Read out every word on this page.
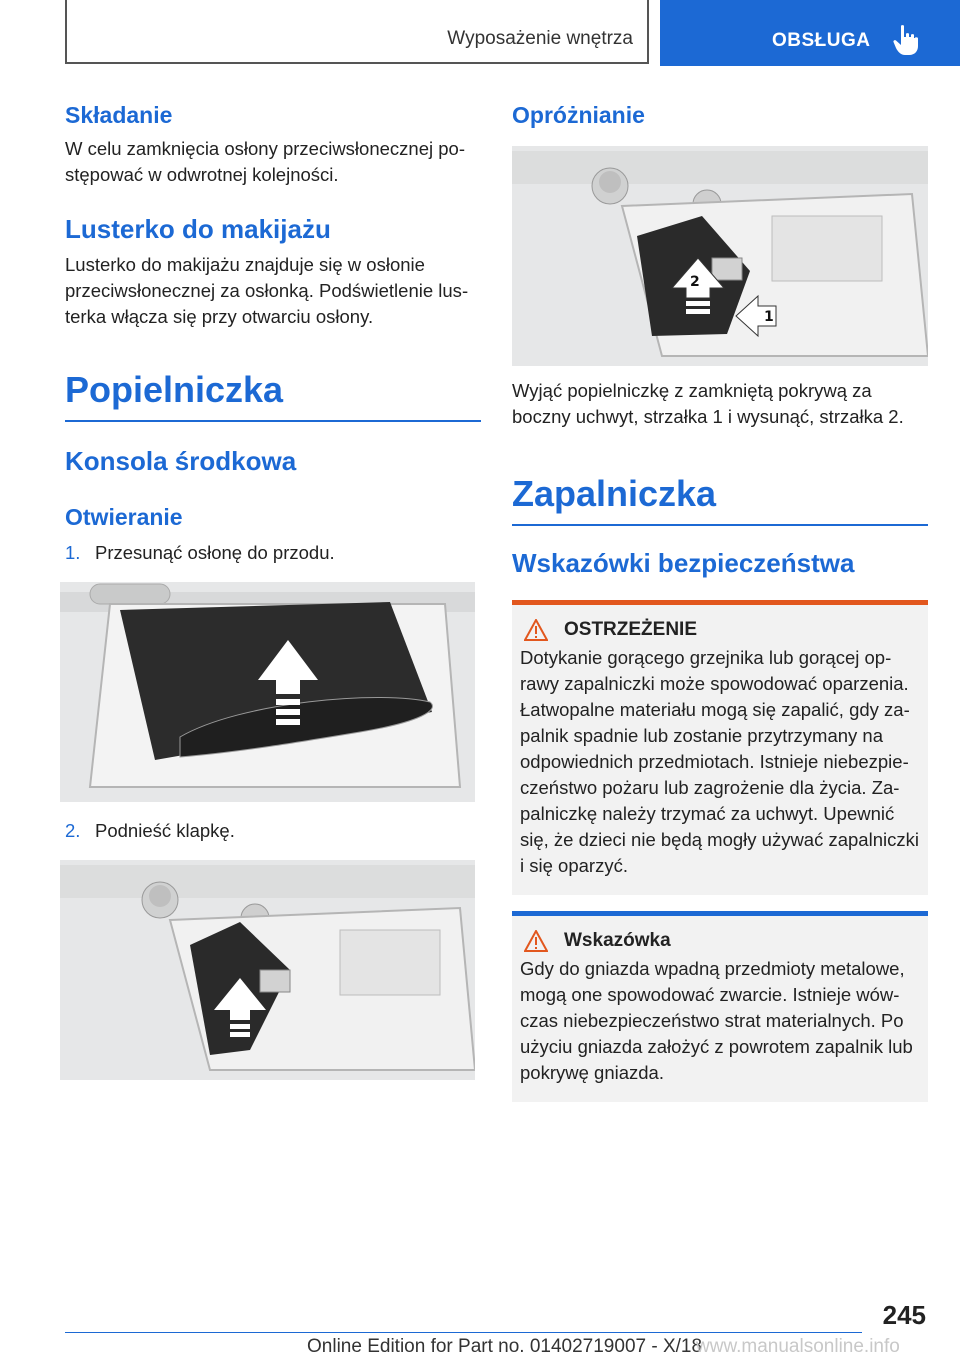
Wyposażenie wnętrza	OBSŁUGA
Składanie

W celu zamknięcia osłony przeciwsłonecznej postępować w odwrotnej kolejności.

Lusterko do makijażu

Lusterko do makijażu znajduje się w osłonie przeciwsłonecznej za osłonką. Podświetlenie lusterka włącza się przy otwarciu osłony.

Popielniczka
Konsola środkowa
Otwieranie
1. Przesunąć osłonę do przodu.
2. Podnieść klapkę.
Opróżnianie
1
2

Wyjąć popielniczkę z zamkniętą pokrywą za boczny uchwyt, strzałka 1 i wysunąć, strzałka 2.

Zapalniczka
Wskazówki bezpieczeństwa
OSTRZEŻENIE

Dotykanie gorącego grzejnika lub gorącej oprawy zapalniczki może spowodować oparzenia. Łatwopalne materiału mogą się zapalić, gdy zapalnik spadnie lub zostanie przytrzymany na odpowiednich przedmiotach. Istnieje niebezpieczeństwo pożaru lub zagrożenie dla życia. Zapalniczkę należy trzymać za uchwyt. Upewnić się, że dzieci nie będą mogły używać zapalniczki i się oparzyć.

Wskazówka

Gdy do gniazda wpadną przedmioty metalowe, mogą one spowodować zwarcie. Istnieje wówczas niebezpieczeństwo strat materialnych. Po użyciu gniazda założyć z powrotem zapalnik lub pokrywę gniazda.

245
Online Edition for Part no. 01402719007 - X/18
www.manualsonline.info
